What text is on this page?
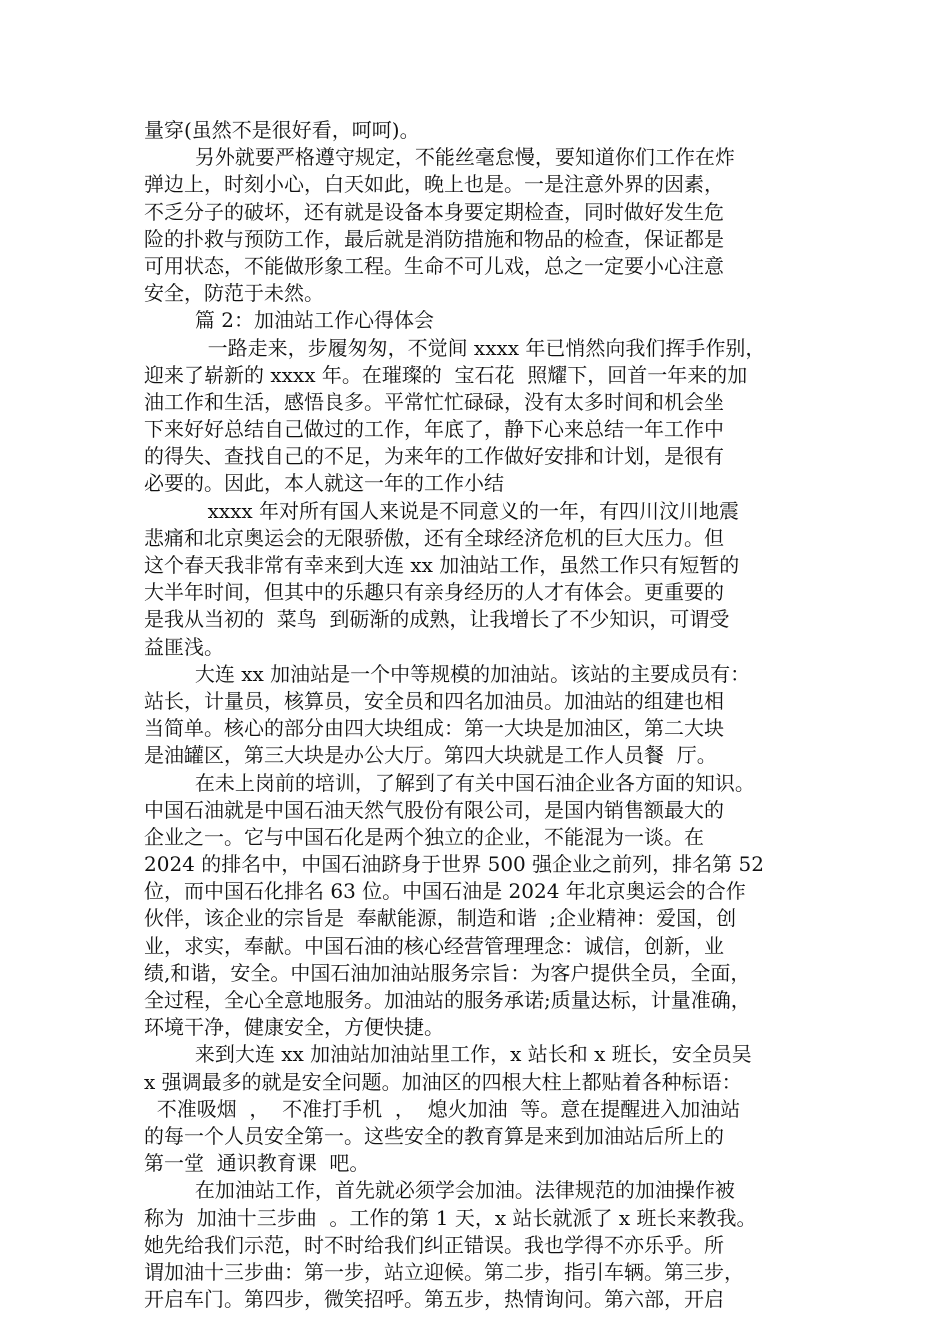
量穿(虽然不是很好看，呵呵)。
另外就要严格遵守规定，不能丝毫怠慢，要知道你们工作在炸
弹边上，时刻小心，白天如此，晚上也是。一是注意外界的因素，
不乏分子的破坏，还有就是设备本身要定期检查，同时做好发生危
险的扑救与预防工作，最后就是消防措施和物品的检查，保证都是
可用状态，不能做形象工程。生命不可儿戏，总之一定要小心注意
安全，防范于未然。
篇 2：加油站工作心得体会
一路走来，步履匆匆，不觉间 xxxx 年已悄然向我们挥手作别，
迎来了崭新的 xxxx 年。在璀璨的  宝石花  照耀下，回首一年来的加
油工作和生活，感悟良多。平常忙忙碌碌，没有太多时间和机会坐
下来好好总结自己做过的工作，年底了，静下心来总结一年工作中
的得失、查找自己的不足，为来年的工作做好安排和计划，是很有
必要的。因此，本人就这一年的工作小结
xxxx 年对所有国人来说是不同意义的一年，有四川汶川地震
悲痛和北京奥运会的无限骄傲，还有全球经济危机的巨大压力。但
这个春天我非常有幸来到大连 xx 加油站工作，虽然工作只有短暂的
大半年时间，但其中的乐趣只有亲身经历的人才有体会。更重要的
是我从当初的  菜鸟  到砺渐的成熟，让我增长了不少知识，可谓受
益匪浅。
大连 xx 加油站是一个中等规模的加油站。该站的主要成员有：
站长，计量员，核算员，安全员和四名加油员。加油站的组建也相
当简单。核心的部分由四大块组成：第一大块是加油区，第二大块
是油罐区，第三大块是办公大厅。第四大块就是工作人员餐  厅。
在未上岗前的培训，了解到了有关中国石油企业各方面的知识。
中国石油就是中国石油天然气股份有限公司，是国内销售额最大的
企业之一。它与中国石化是两个独立的企业，不能混为一谈。在
2024 的排名中，中国石油跻身于世界 500 强企业之前列，排名第 52
位，而中国石化排名 63 位。中国石油是 2024 年北京奥运会的合作
伙伴，该企业的宗旨是  奉献能源，制造和谐  ;企业精神：爱国，创
业，求实，奉献。中国石油的核心经营管理理念：诚信，创新，业
绩,和谐，安全。中国石油加油站服务宗旨：为客户提供全员，全面，
全过程，全心全意地服务。加油站的服务承诺;质量达标，计量准确，
环境干净，健康安全，方便快捷。
来到大连 xx 加油站加油站里工作，x 站长和 x 班长，安全员吴
x 强调最多的就是安全问题。加油区的四根大柱上都贴着各种标语：
不准吸烟  ，  不准打手机  ，  熄火加油  等。意在提醒进入加油站
的每一个人员安全第一。这些安全的教育算是来到加油站后所上的
第一堂  通识教育课  吧。
在加油站工作，首先就必须学会加油。法律规范的加油操作被
称为  加油十三步曲  。工作的第 1 天，x 站长就派了 x 班长来教我。
她先给我们示范，时不时给我们纠正错误。我也学得不亦乐乎。所
谓加油十三步曲：第一步，站立迎候。第二步，指引车辆。第三步，
开启车门。第四步，微笑招呼。第五步，热情询问。第六部，开启
